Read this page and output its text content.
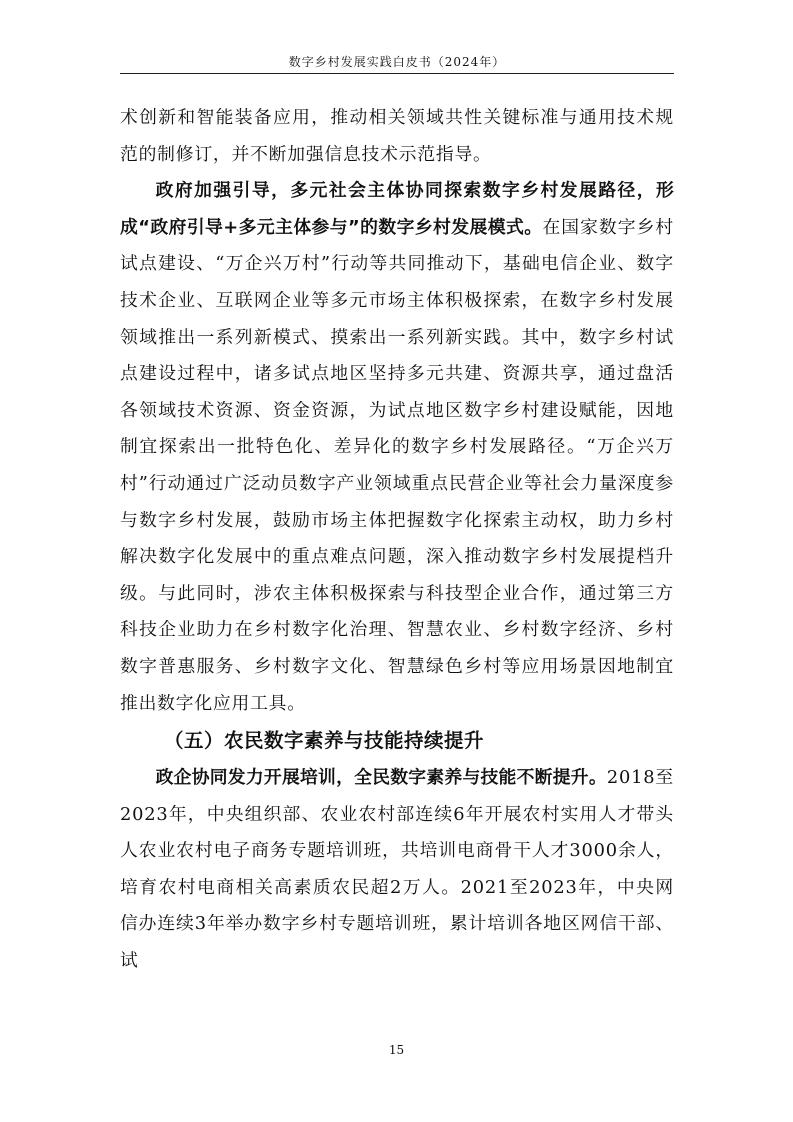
数字乡村发展实践白皮书（2024年）

术创新和智能装备应用，推动相关领域共性关键标准与通用技术规范的制修订，并不断加强信息技术示范指导。

政府加强引导，多元社会主体协同探索数字乡村发展路径，形成“政府引导+多元主体参与”的数字乡村发展模式。在国家数字乡村试点建设、“万企兴万村”行动等共同推动下，基础电信企业、数字技术企业、互联网企业等多元市场主体积极探索，在数字乡村发展领域推出一系列新模式、摸索出一系列新实践。其中，数字乡村试点建设过程中，诸多试点地区坚持多元共建、资源共享，通过盘活各领域技术资源、资金资源，为试点地区数字乡村建设赋能，因地制宜探索出一批特色化、差异化的数字乡村发展路径。“万企兴万村”行动通过广泛动员数字产业领域重点民营企业等社会力量深度参与数字乡村发展，鼓励市场主体把握数字化探索主动权，助力乡村解决数字化发展中的重点难点问题，深入推动数字乡村发展提档升级。与此同时，涉农主体积极探索与科技型企业合作，通过第三方科技企业助力在乡村数字化治理、智慧农业、乡村数字经济、乡村数字普惠服务、乡村数字文化、智慧绿色乡村等应用场景因地制宜推出数字化应用工具。

（五）农民数字素养与技能持续提升

政企协同发力开展培训，全民数字素养与技能不断提升。2018至2023年，中央组织部、农业农村部连续6年开展农村实用人才带头人农业农村电子商务专题培训班，共培训电商骨干人才3000余人，培育农村电商相关高素质农民超2万人。2021至2023年，中央网信办连续3年举办数字乡村专题培训班，累计培训各地区网信干部、试

15
